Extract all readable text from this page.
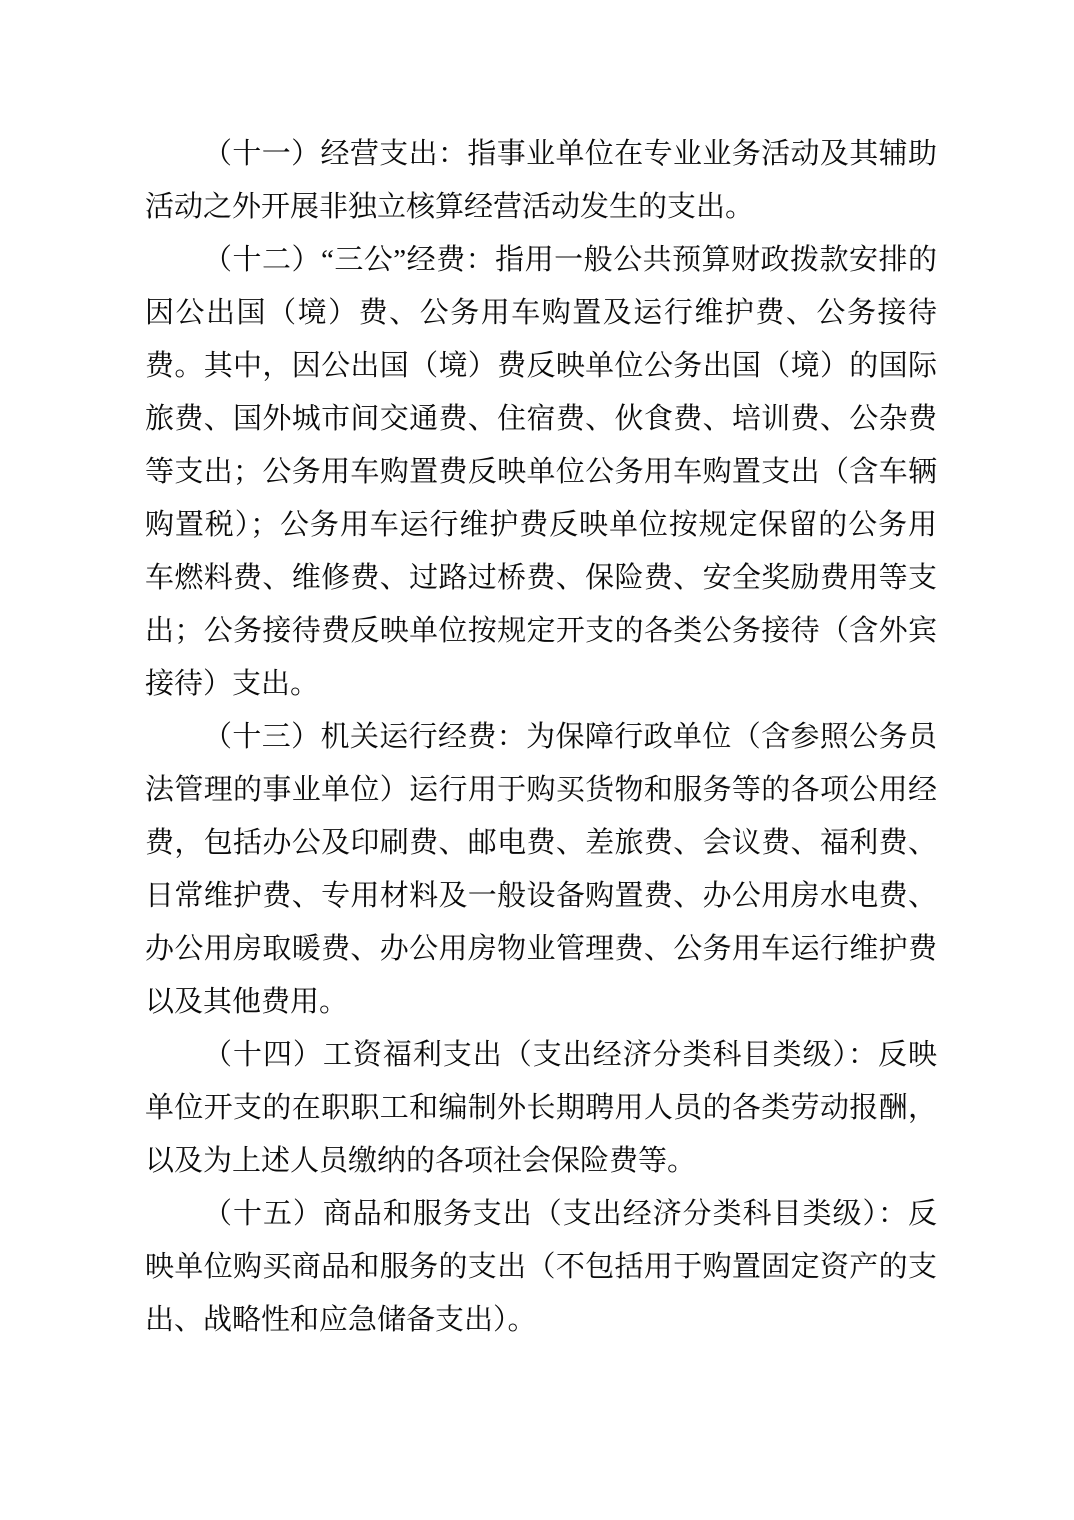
（十一）经营支出：指事业单位在专业业务活动及其辅助活动之外开展非独立核算经营活动发生的支出。

（十二）“三公”经费：指用一般公共预算财政拨款安排的因公出国（境）费、公务用车购置及运行维护费、公务接待费。其中，因公出国（境）费反映单位公务出国（境）的国际旅费、国外城市间交通费、住宿费、伙食费、培训费、公杂费等支出；公务用车购置费反映单位公务用车购置支出（含车辆购置税）；公务用车运行维护费反映单位按规定保留的公务用车燃料费、维修费、过路过桥费、保险费、安全奖励费用等支出；公务接待费反映单位按规定开支的各类公务接待（含外宾接待）支出。

（十三）机关运行经费：为保障行政单位（含参照公务员法管理的事业单位）运行用于购买货物和服务等的各项公用经费，包括办公及印刷费、邮电费、差旅费、会议费、福利费、日常维护费、专用材料及一般设备购置费、办公用房水电费、办公用房取暖费、办公用房物业管理费、公务用车运行维护费以及其他费用。

（十四）工资福利支出（支出经济分类科目类级）：反映单位开支的在职职工和编制外长期聘用人员的各类劳动报酬，以及为上述人员缴纳的各项社会保险费等。

（十五）商品和服务支出（支出经济分类科目类级）：反映单位购买商品和服务的支出（不包括用于购置固定资产的支出、战略性和应急储备支出）。
